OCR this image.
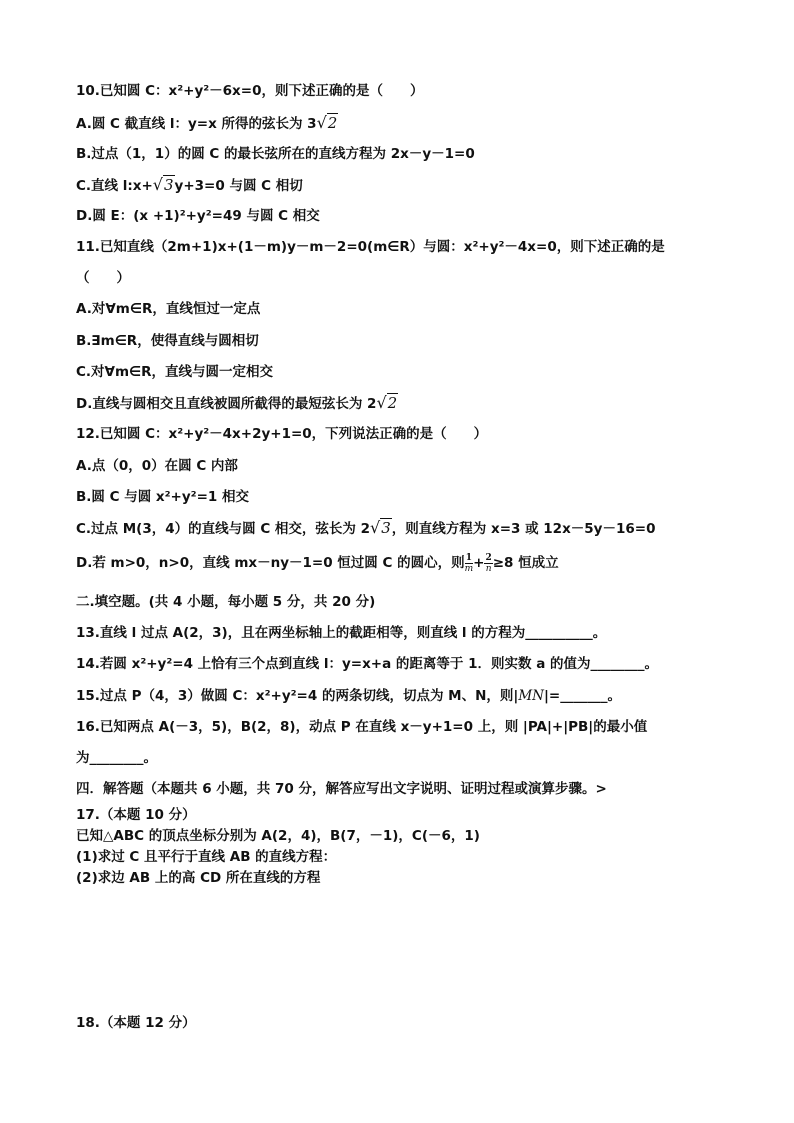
10.已知圆 C：x²+y²－6x=0，则下述正确的是（　　）
A.圆 C 截直线 l：y=x 所得的弦长为 3√2
B.过点（1，1）的圆 C 的最长弦所在的直线方程为 2x－y－1=0
C.直线 l:x+√3y+3=0 与圆 C 相切
D.圆 E：(x +1)²+y²=49 与圆 C 相交
11.已知直线（2m+1)x+(1－m)y－m－2=0(m∈R）与圆：x²+y²－4x=0，则下述正确的是
（　　）
A.对∀m∈R，直线恒过一定点
B.∃m∈R，使得直线与圆相切
C.对∀m∈R，直线与圆一定相交
D.直线与圆相交且直线被圆所截得的最短弦长为 2√2
12.已知圆 C：x²+y²－4x+2y+1=0，下列说法正确的是（　　）
A.点（0，0）在圆 C 内部
B.圆 C 与圆 x²+y²=1 相交
C.过点 M(3，4）的直线与圆 C 相交，弦长为 2√3，则直线方程为 x=3 或 12x－5y－16=0
D.若 m>0，n>0，直线 mx－ny－1=0 恒过圆 C 的圆心，则 $\frac{1}{m} + \frac{2}{n} \ge 8$ 恒成立
二.填空题。(共 4 小题，每小题 5 分，共 20 分)
13.直线 l 过点 A(2，3)，且在两坐标轴上的截距相等，则直线 l 的方程为__________。
14.若圆 x²+y²=4 上恰有三个点到直线 l：y=x+a 的距离等于 1．则实数 a 的值为________。
15.过点 P（4，3）做圆 C：x²+y²=4 的两条切线，切点为 M、N，则|MN|=_______。
16.已知两点 A(－3，5)，B(2，8)，动点 P 在直线 x－y+1=0 上，则 |PA|+|PB|的最小值
为________。
四．解答题（本题共 6 小题，共 70 分，解答应写出文字说明、证明过程或演算步骤。>
17.（本题 10 分）
已知△ABC 的顶点坐标分别为 A(2，4)，B(7，－1)，C(－6，1)
(1)求过 C 且平行于直线 AB 的直线方程：
(2)求边 AB 上的高 CD 所在直线的方程
18.（本题 12 分）
